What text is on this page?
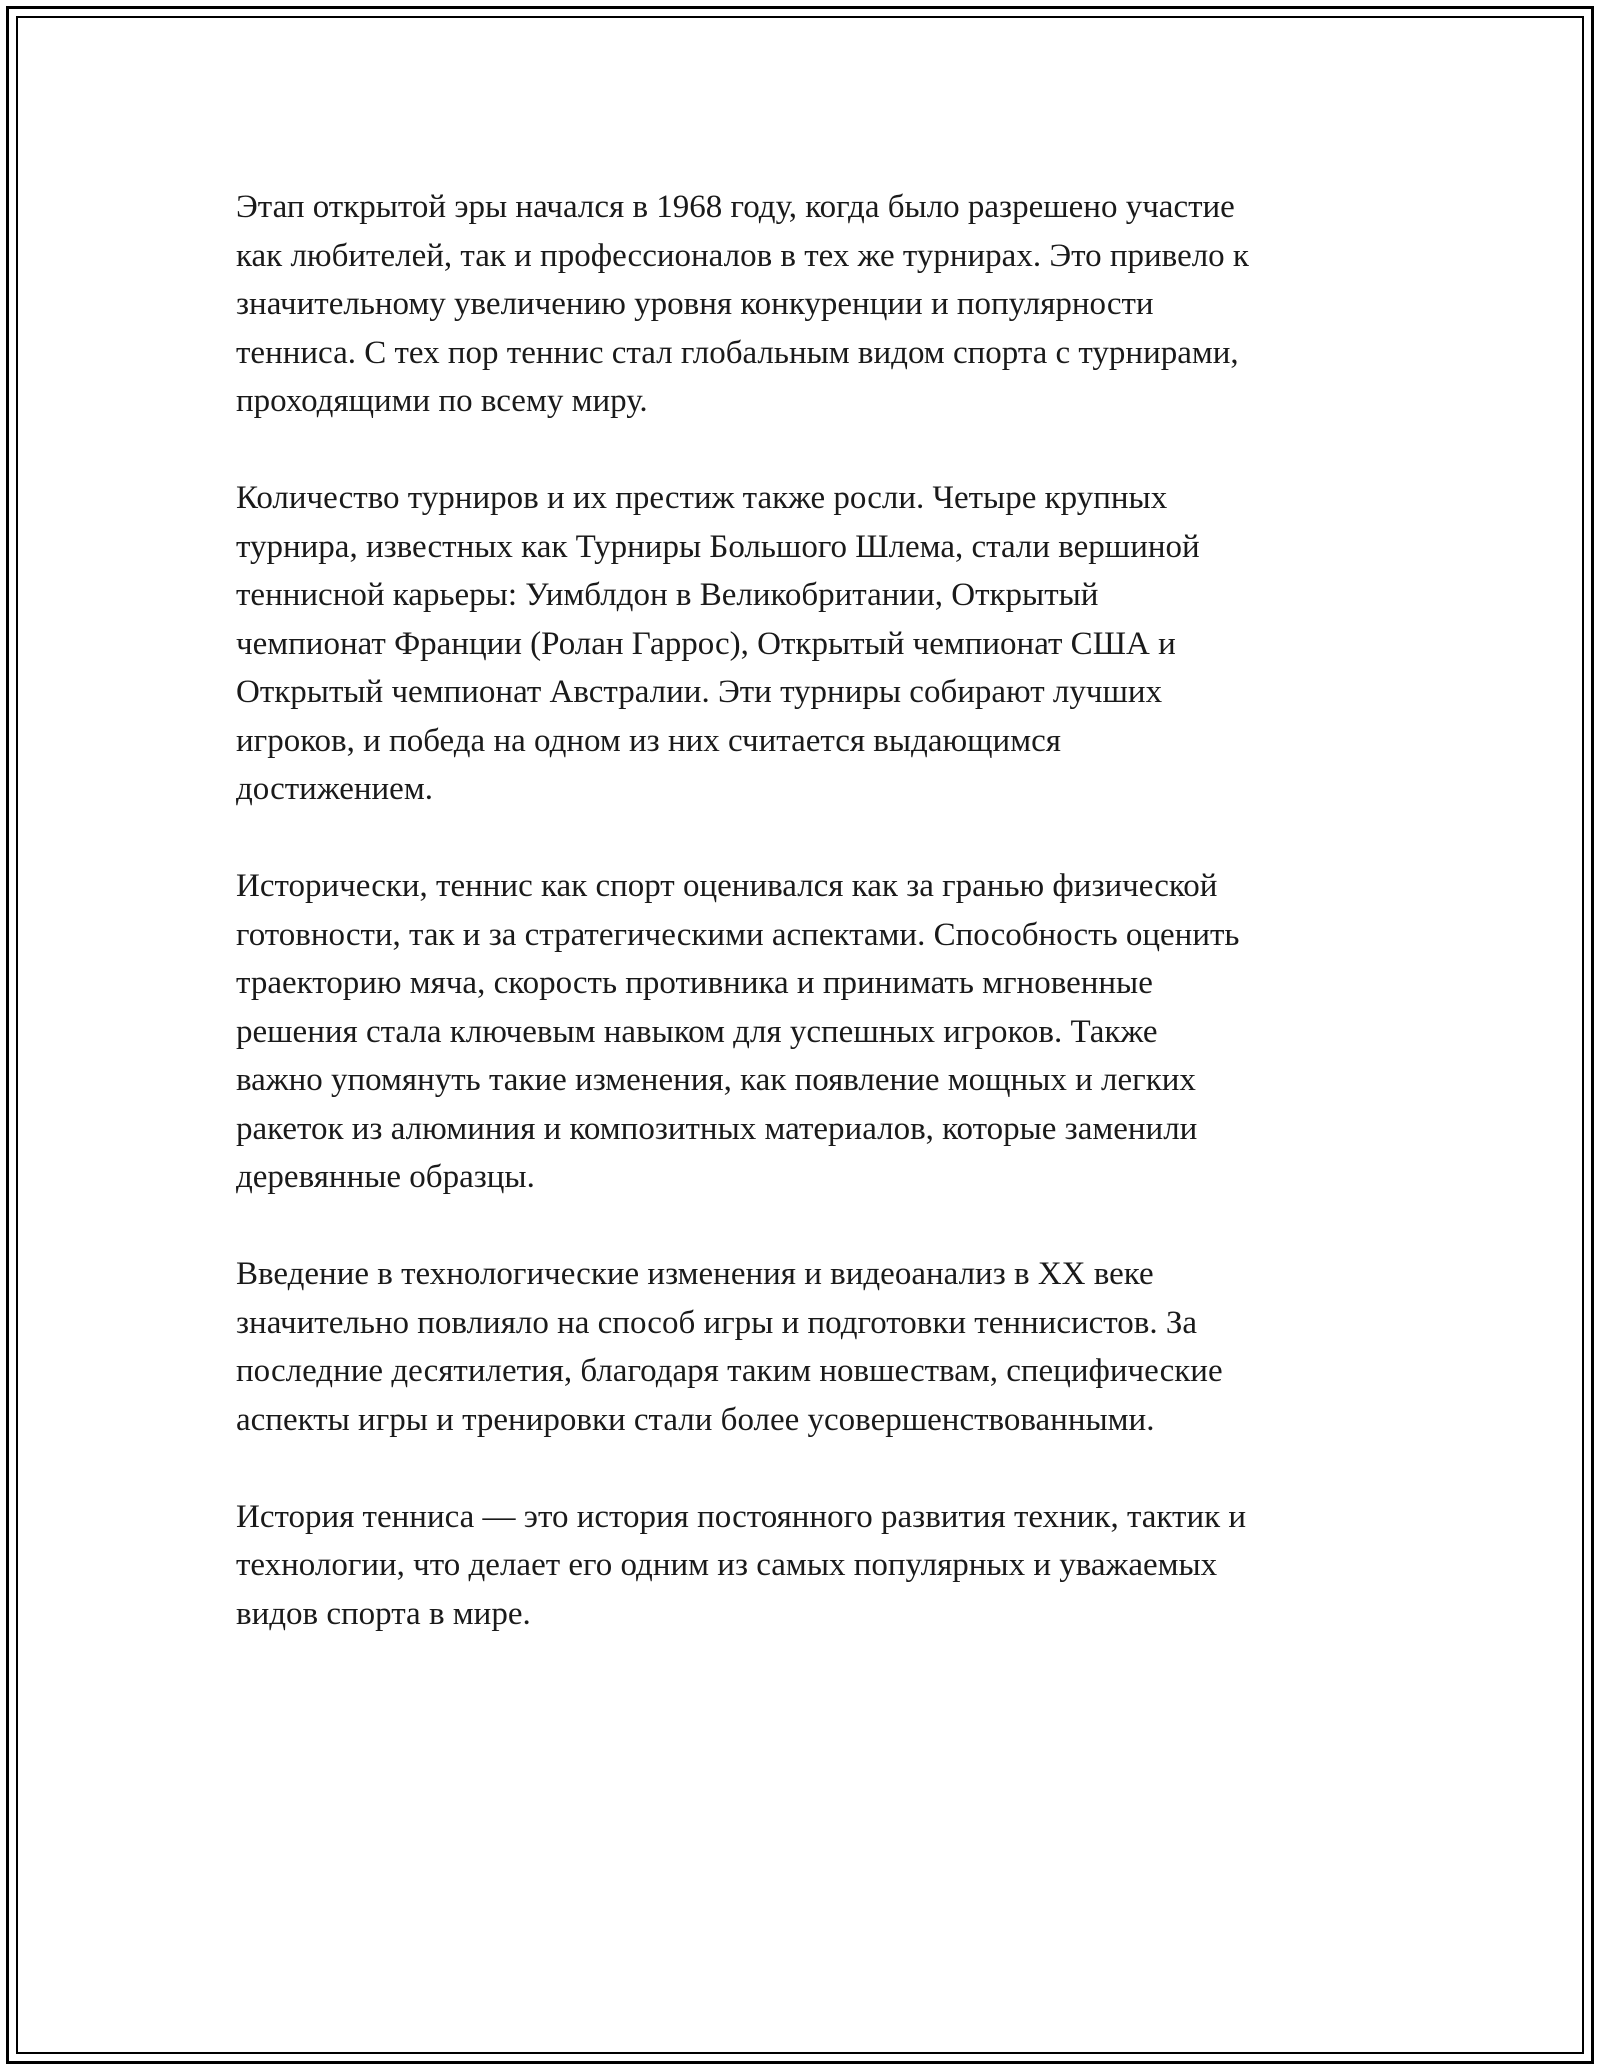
Этап открытой эры начался в 1968 году, когда было разрешено участие
как любителей, так и профессионалов в тех же турнирах. Это привело к
значительному увеличению уровня конкуренции и популярности
тенниса. С тех пор теннис стал глобальным видом спорта с турнирами,
проходящими по всему миру.

Количество турниров и их престиж также росли. Четыре крупных
турнира, известных как Турниры Большого Шлема, стали вершиной
теннисной карьеры: Уимблдон в Великобритании, Открытый
чемпионат Франции (Ролан Гаррос), Открытый чемпионат США и
Открытый чемпионат Австралии. Эти турниры собирают лучших
игроков, и победа на одном из них считается выдающимся
достижением.

Исторически, теннис как спорт оценивался как за гранью физической
готовности, так и за стратегическими аспектами. Способность оценить
траекторию мяча, скорость противника и принимать мгновенные
решения стала ключевым навыком для успешных игроков. Также
важно упомянуть такие изменения, как появление мощных и легких
ракеток из алюминия и композитных материалов, которые заменили
деревянные образцы.

Введение в технологические изменения и видеоанализ в XX веке
значительно повлияло на способ игры и подготовки теннисистов. За
последние десятилетия, благодаря таким новшествам, специфические
аспекты игры и тренировки стали более усовершенствованными.

История тенниса — это история постоянного развития техник, тактик и
технологии, что делает его одним из самых популярных и уважаемых
видов спорта в мире.
